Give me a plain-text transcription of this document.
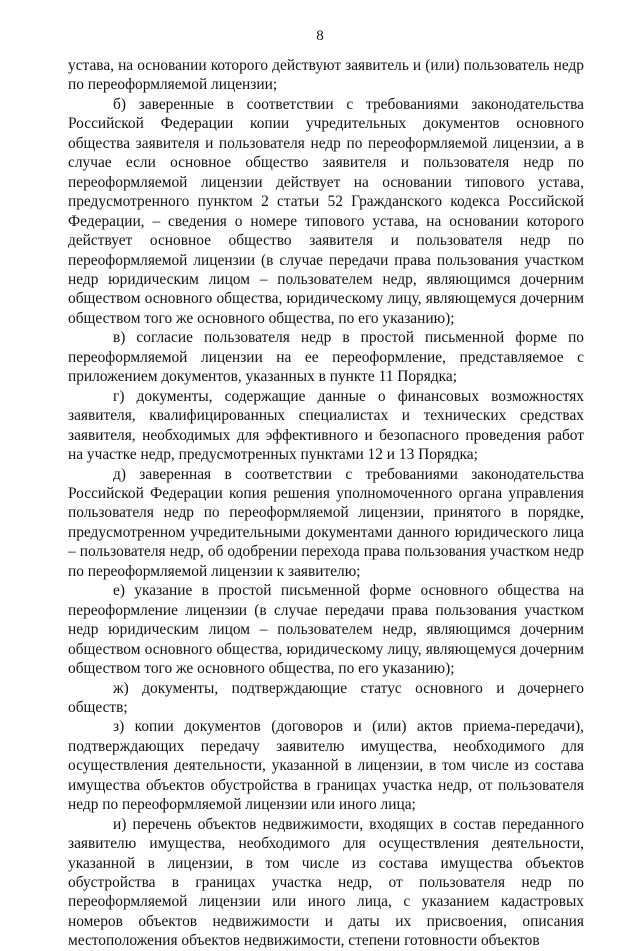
8

устава, на основании которого действуют заявитель и (или) пользователь недр по переоформляемой лицензии;

б) заверенные в соответствии с требованиями законодательства Российской Федерации копии учредительных документов основного общества заявителя и пользователя недр по переоформляемой лицензии, а в случае если основное общество заявителя и пользователя недр по переоформляемой лицензии действует на основании типового устава, предусмотренного пунктом 2 статьи 52 Гражданского кодекса Российской Федерации, – сведения о номере типового устава, на основании которого действует основное общество заявителя и пользователя недр по переоформляемой лицензии (в случае передачи права пользования участком недр юридическим лицом – пользователем недр, являющимся дочерним обществом основного общества, юридическому лицу, являющемуся дочерним обществом того же основного общества, по его указанию);

в) согласие пользователя недр в простой письменной форме по переоформляемой лицензии на ее переоформление, представляемое с приложением документов, указанных в пункте 11 Порядка;

г) документы, содержащие данные о финансовых возможностях заявителя, квалифицированных специалистах и технических средствах заявителя, необходимых для эффективного и безопасного проведения работ на участке недр, предусмотренных пунктами 12 и 13 Порядка;

д) заверенная в соответствии с требованиями законодательства Российской Федерации копия решения уполномоченного органа управления пользователя недр по переоформляемой лицензии, принятого в порядке, предусмотренном учредительными документами данного юридического лица – пользователя недр, об одобрении перехода права пользования участком недр по переоформляемой лицензии к заявителю;

е) указание в простой письменной форме основного общества на переоформление лицензии (в случае передачи права пользования участком недр юридическим лицом – пользователем недр, являющимся дочерним обществом основного общества, юридическому лицу, являющемуся дочерним обществом того же основного общества, по его указанию);

ж) документы, подтверждающие статус основного и дочернего обществ;

з) копии документов (договоров и (или) актов приема-передачи), подтверждающих передачу заявителю имущества, необходимого для осуществления деятельности, указанной в лицензии, в том числе из состава имущества объектов обустройства в границах участка недр, от пользователя недр по переоформляемой лицензии или иного лица;

и) перечень объектов недвижимости, входящих в состав переданного заявителю имущества, необходимого для осуществления деятельности, указанной в лицензии, в том числе из состава имущества объектов обустройства в границах участка недр, от пользователя недр по переоформляемой лицензии или иного лица, с указанием кадастровых номеров объектов недвижимости и даты их присвоения, описания местоположения объектов недвижимости, степени готовности объектов
